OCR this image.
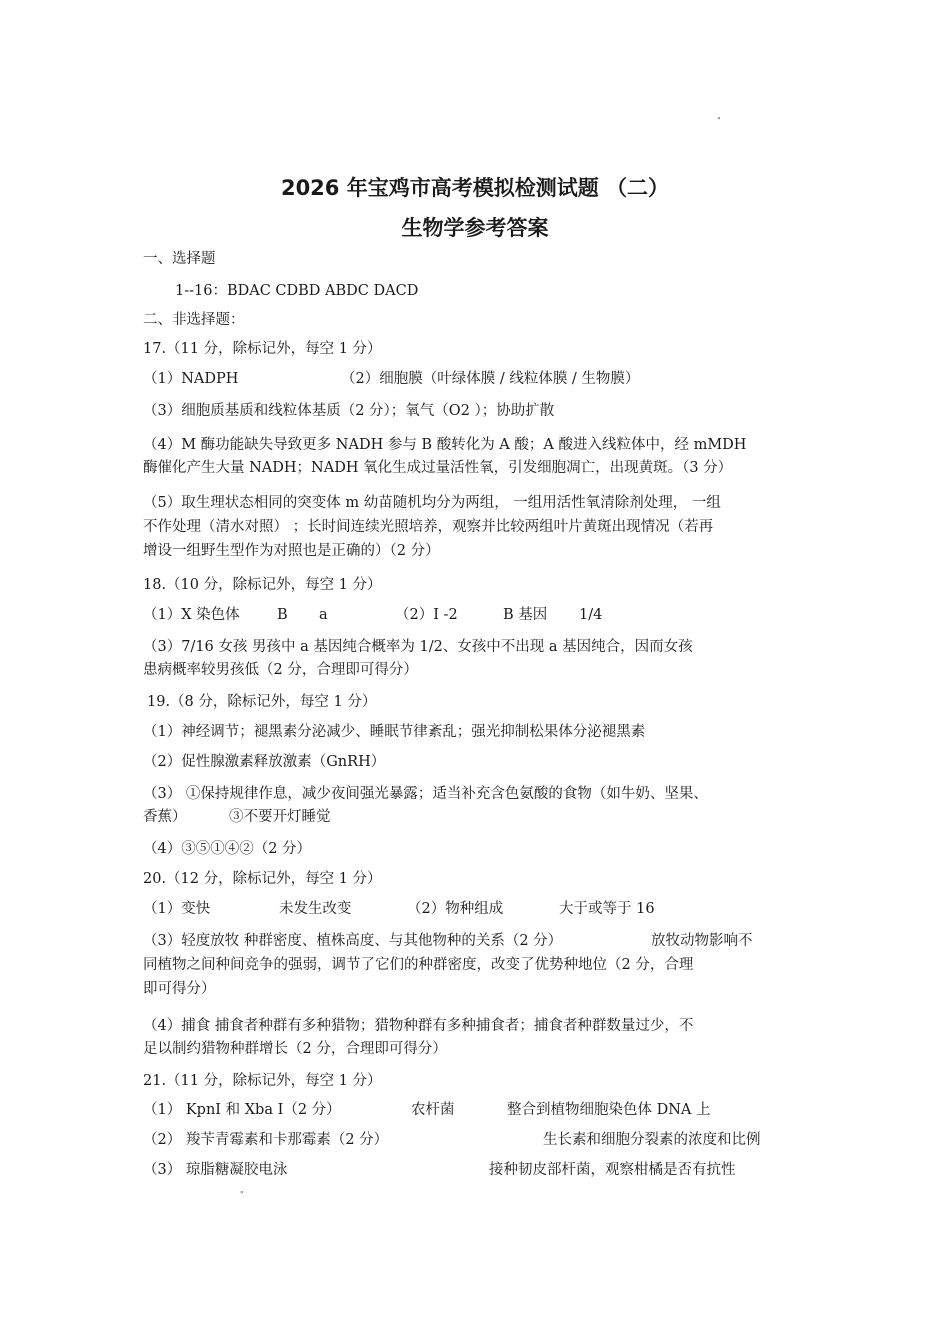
"
2026 年宝鸡市高考模拟检测试题 （二）
生物学参考答案
一、选择题
1--16：BDAC CDBD ABDC DACD
二、非选择题：
17.（11 分，除标记外，每空 1 分）
（1）NADPH	（2）细胞膜（叶绿体膜 / 线粒体膜 / 生物膜）
（3）细胞质基质和线粒体基质（2 分）；氧气（O2 ）；协助扩散
（4）M 酶功能缺失导致更多 NADH 参与 B 酸转化为 A 酸；A 酸进入线粒体中，经 mMDH
酶催化产生大量 NADH；NADH 氧化生成过量活性氧，引发细胞凋亡，出现黄斑。（3 分）
（5）取生理状态相同的突变体 m 幼苗随机均分为两组， 一组用活性氧清除剂处理， 一组
不作处理（清水对照） ；长时间连续光照培养，观察并比较两组叶片黄斑出现情况（若再
增设一组野生型作为对照也是正确的）（2 分）
18.（10 分，除标记外，每空 1 分）
（1）X 染色体	B a	（2）Ⅰ -2	B 基因 1/4
（3）7/16 女孩 男孩中 a 基因纯合概率为 1/2、女孩中不出现 a 基因纯合，因而女孩
患病概率较男孩低（2 分，合理即可得分）
19.（8 分，除标记外，每空 1 分）
（1）神经调节；褪黑素分泌减少、睡眠节律紊乱；强光抑制松果体分泌褪黑素
（2）促性腺激素释放激素（GnRH）
（3） ①保持规律作息，减少夜间强光暴露；适当补充含色氨酸的食物（如牛奶、坚果、
香蕉）	③不要开灯睡觉
（4）③⑤①④②（2 分）
20.（12 分，除标记外，每空 1 分）
（1）变快	未发生改变	（2）物种组成	大于或等于 16
（3）轻度放牧 种群密度、植株高度、与其他物种的关系（2 分）	放牧动物影响不
同植物之间种间竞争的强弱，调节了它们的种群密度，改变了优势种地位（2 分，合理
即可得分）
（4）捕食 捕食者种群有多种猎物；猎物种群有多种捕食者；捕食者种群数量过少，不
足以制约猎物种群增长（2 分，合理即可得分）
21.（11 分，除标记外，每空 1 分）
（1） KpnⅠ 和 Xba Ⅰ（2 分）	农杆菌	整合到植物细胞染色体 DNA 上
（2） 羧苄青霉素和卡那霉素（2 分）	生长素和细胞分裂素的浓度和比例
（3） 琼脂糖凝胶电泳	接种韧皮部杆菌，观察柑橘是否有抗性
"
